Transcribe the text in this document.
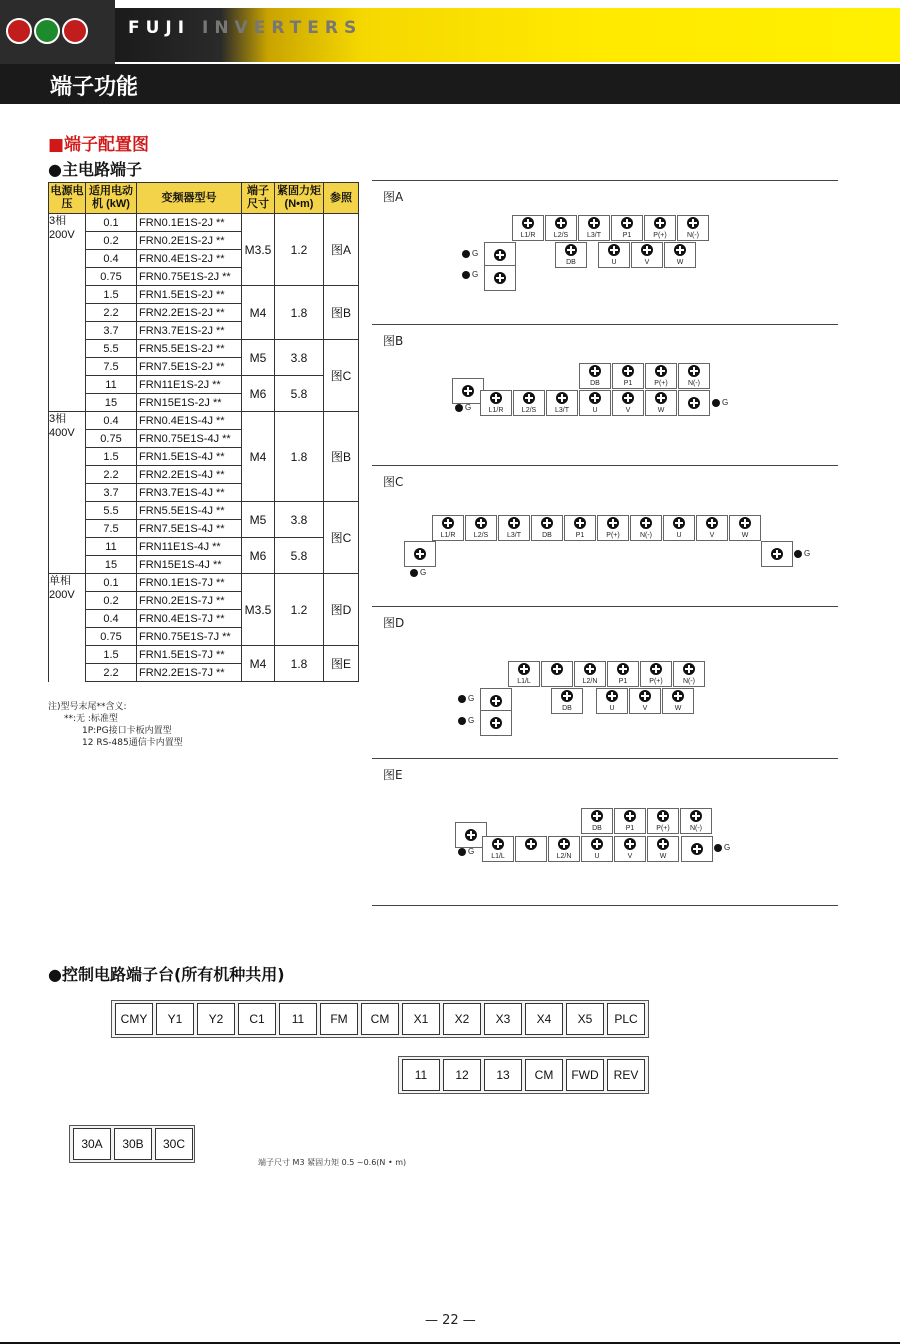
FUJI INVERTERS
端子功能
■端子配置图
●主电路端子
电源电压	适用电动机 (kW)	变频器型号	端子尺寸	紧固力矩 (N•m)	参照
3相 200V	0.1	FRN0.1E1S-2J **	M3.5	1.2	图A
	0.2	FRN0.2E1S-2J **			
	0.4	FRN0.4E1S-2J **			
	0.75	FRN0.75E1S-2J **			
	1.5	FRN1.5E1S-2J **	M4	1.8	图B
	2.2	FRN2.2E1S-2J **			
	3.7	FRN3.7E1S-2J **			
	5.5	FRN5.5E1S-2J **	M5	3.8	图C
	7.5	FRN7.5E1S-2J **			
	11	FRN11E1S-2J **	M6	5.8	
	15	FRN15E1S-2J **			
3相 400V	0.4	FRN0.4E1S-4J **	M4	1.8	图B
	0.75	FRN0.75E1S-4J **			
	1.5	FRN1.5E1S-4J **			
	2.2	FRN2.2E1S-4J **			
	3.7	FRN3.7E1S-4J **			
	5.5	FRN5.5E1S-4J **	M5	3.8	图C
	7.5	FRN7.5E1S-4J **			
	11	FRN11E1S-4J **	M6	5.8	
	15	FRN15E1S-4J **			
单相 200V	0.1	FRN0.1E1S-7J **	M3.5	1.2	图D
	0.2	FRN0.2E1S-7J **			
	0.4	FRN0.4E1S-7J **			
	0.75	FRN0.75E1S-7J **			
	1.5	FRN1.5E1S-7J **	M4	1.8	图E
	2.2	FRN2.2E1S-7J **			
注)型号末尾**含义:
**:无 :标准型
1P:PG接口卡板内置型
12 RS-485通信卡内置型
图A
图B
图C
图D
图E
L1/R	L2/S	L3/T	P1	P(+)	N(-)
DB	U	V	W
G
G
DB	P1	P(+)	N(-)
L1/R	L2/S	L3/T	U	V	W
G
G
L1/R	L2/S	L3/T	DB	P1	P(+)	N(-)	U	V	W
G
G
L1/L	L2/N	P1	P(+)	N(-)
DB	U	V	W
G
G
DB	P1	P(+)	N(-)
L1/L	L2/N	U	V	W
G	G
●控制电路端子台(所有机种共用)
CMY	Y1	Y2	C1	11	FM	CM	X1	X2	X3	X4	X5	PLC
11	12	13	CM	FWD	REV
30A	30B	30C
端子尺寸 M3 紧固力矩 0.5 ~0.6(N • m)
— 22 —
